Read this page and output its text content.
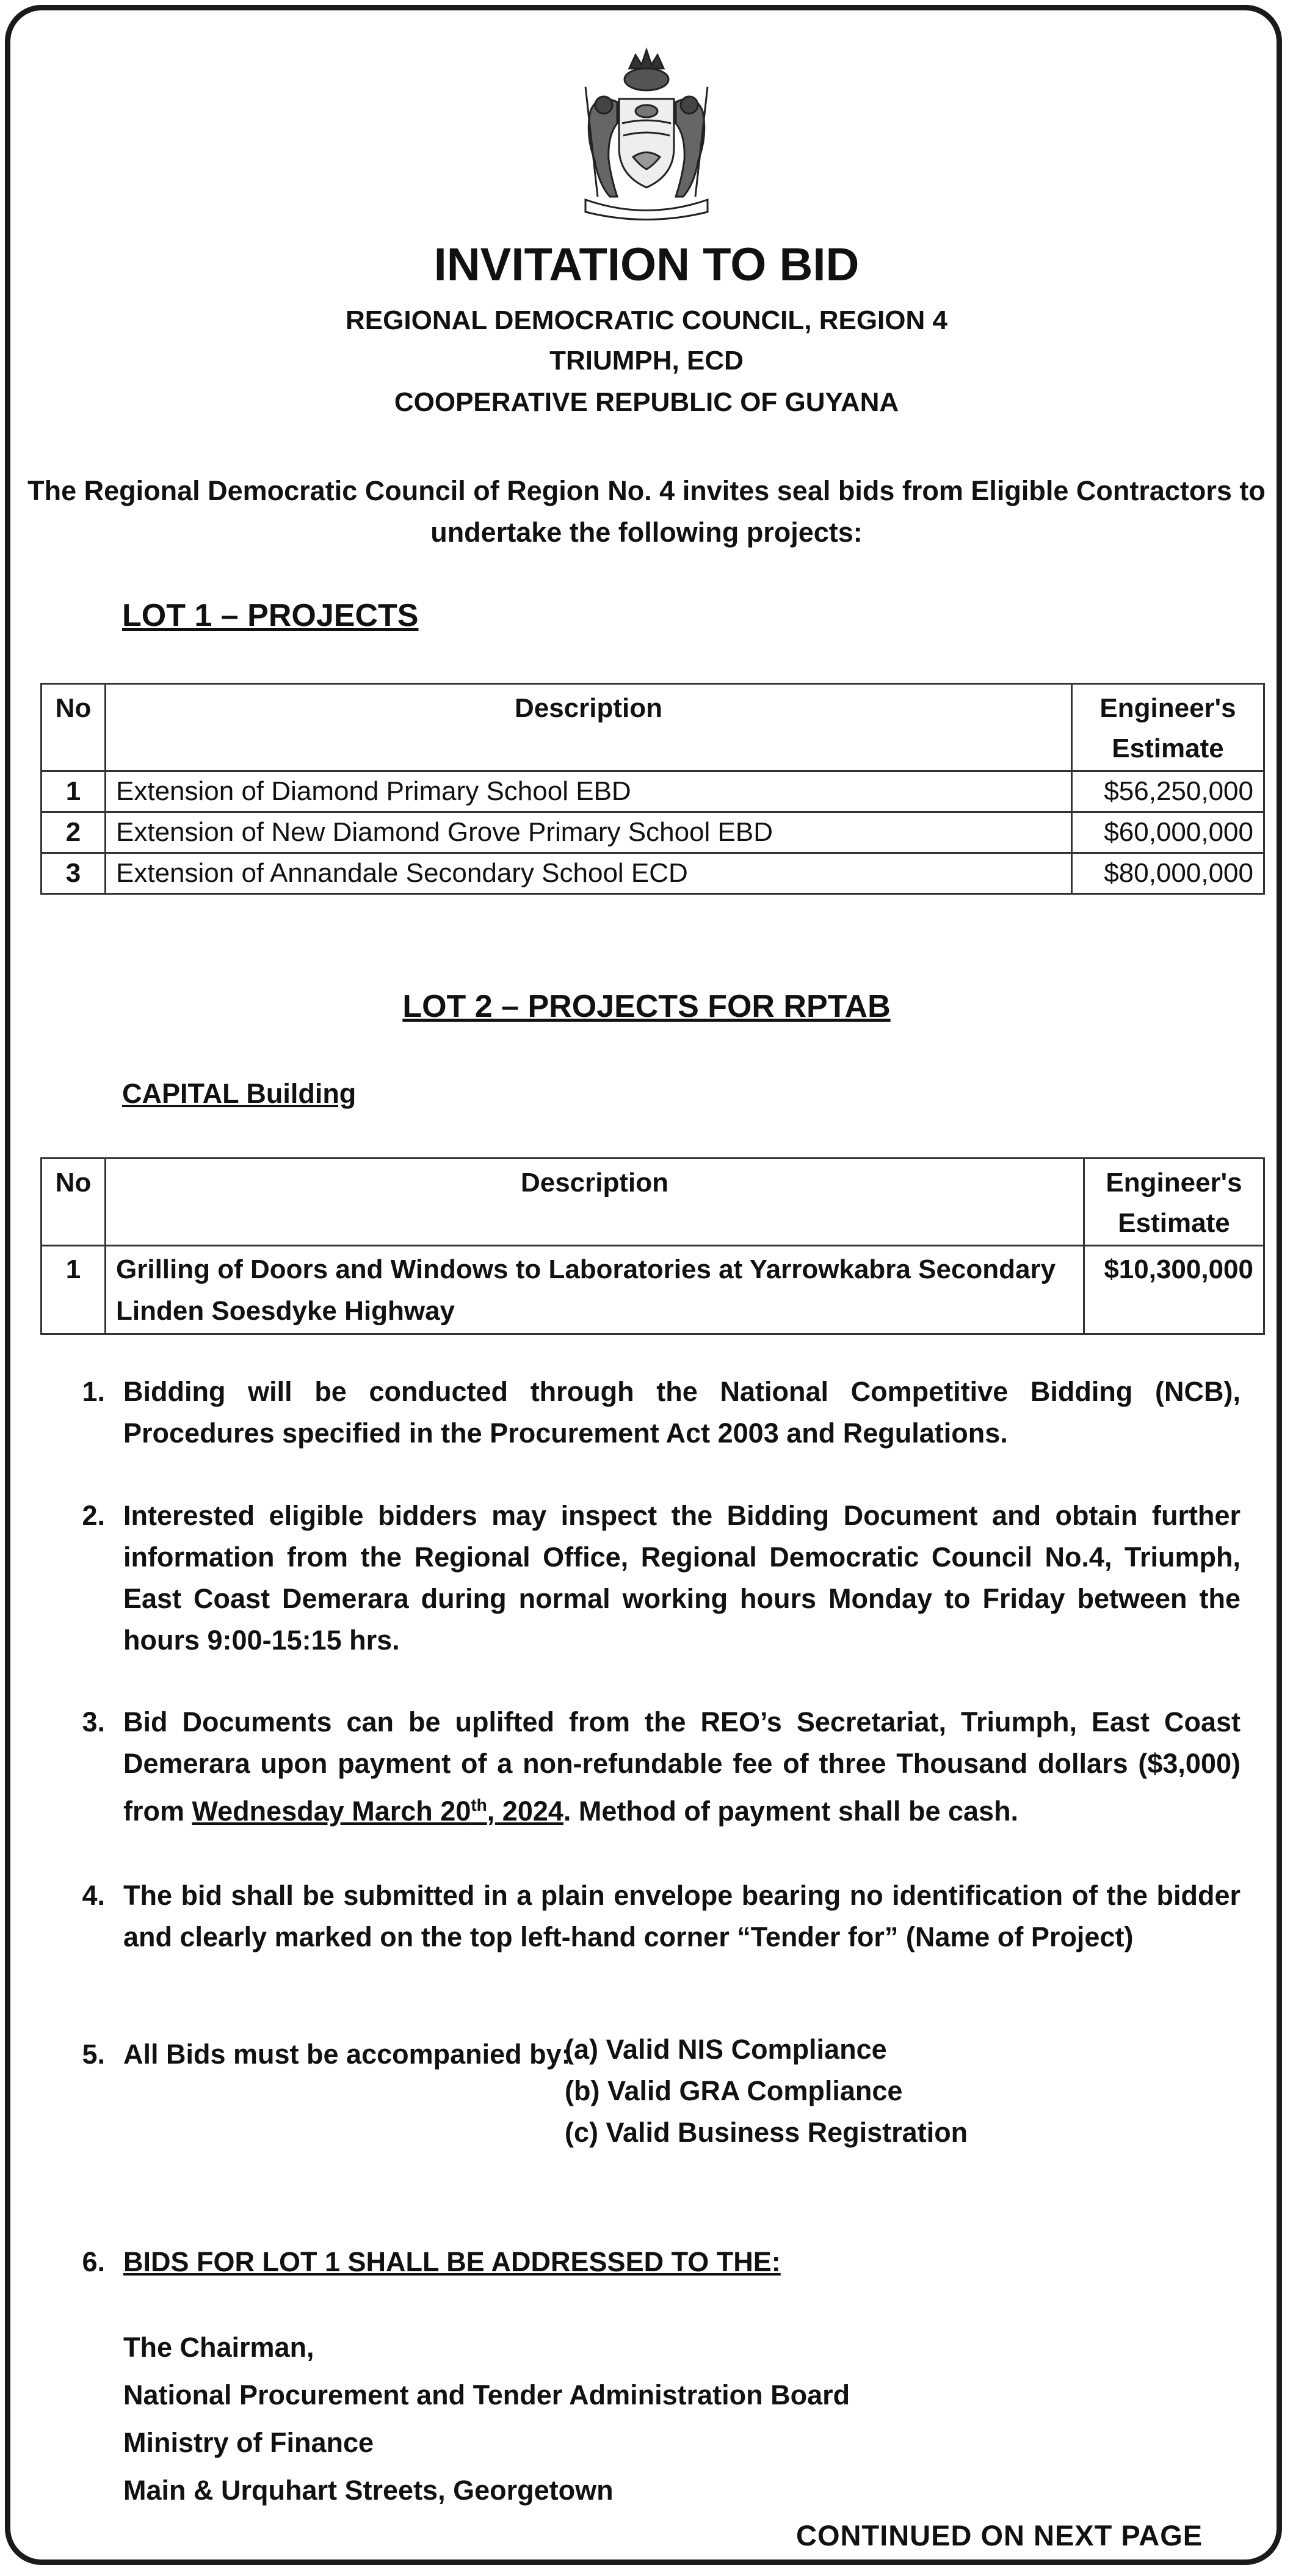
INVITATION TO BID
REGIONAL DEMOCRATIC COUNCIL, REGION 4
TRIUMPH, ECD
COOPERATIVE REPUBLIC OF GUYANA
The Regional Democratic Council of Region No. 4 invites seal bids from Eligible Contractors to undertake the following projects:
LOT 1 – PROJECTS
No	Description	Engineer's Estimate
1	Extension of Diamond Primary School EBD	$56,250,000
2	Extension of New Diamond Grove Primary School EBD	$60,000,000
3	Extension of Annandale Secondary School ECD	$80,000,000
LOT 2 – PROJECTS FOR RPTAB
CAPITAL Building
No	Description	Engineer's Estimate
1	Grilling of Doors and Windows to Laboratories at Yarrowkabra Secondary Linden Soesdyke Highway	$10,300,000
1. Bidding will be conducted through the National Competitive Bidding (NCB), Procedures specified in the Procurement Act 2003 and Regulations.
2. Interested eligible bidders may inspect the Bidding Document and obtain further information from the Regional Office, Regional Democratic Council No.4, Triumph, East Coast Demerara during normal working hours Monday to Friday between the hours 9:00-15:15 hrs.
3. Bid Documents can be uplifted from the REO’s Secretariat, Triumph, East Coast Demerara upon payment of a non-refundable fee of three Thousand dollars ($3,000) from Wednesday March 20th, 2024. Method of payment shall be cash.
4. The bid shall be submitted in a plain envelope bearing no identification of the bidder and clearly marked on the top left-hand corner “Tender for” (Name of Project)
5. All Bids must be accompanied by:
(a) Valid NIS Compliance
(b) Valid GRA Compliance
(c) Valid Business Registration
6. BIDS FOR LOT 1 SHALL BE ADDRESSED TO THE:
The Chairman,
National Procurement and Tender Administration Board
Ministry of Finance
Main & Urquhart Streets, Georgetown
CONTINUED ON NEXT PAGE
